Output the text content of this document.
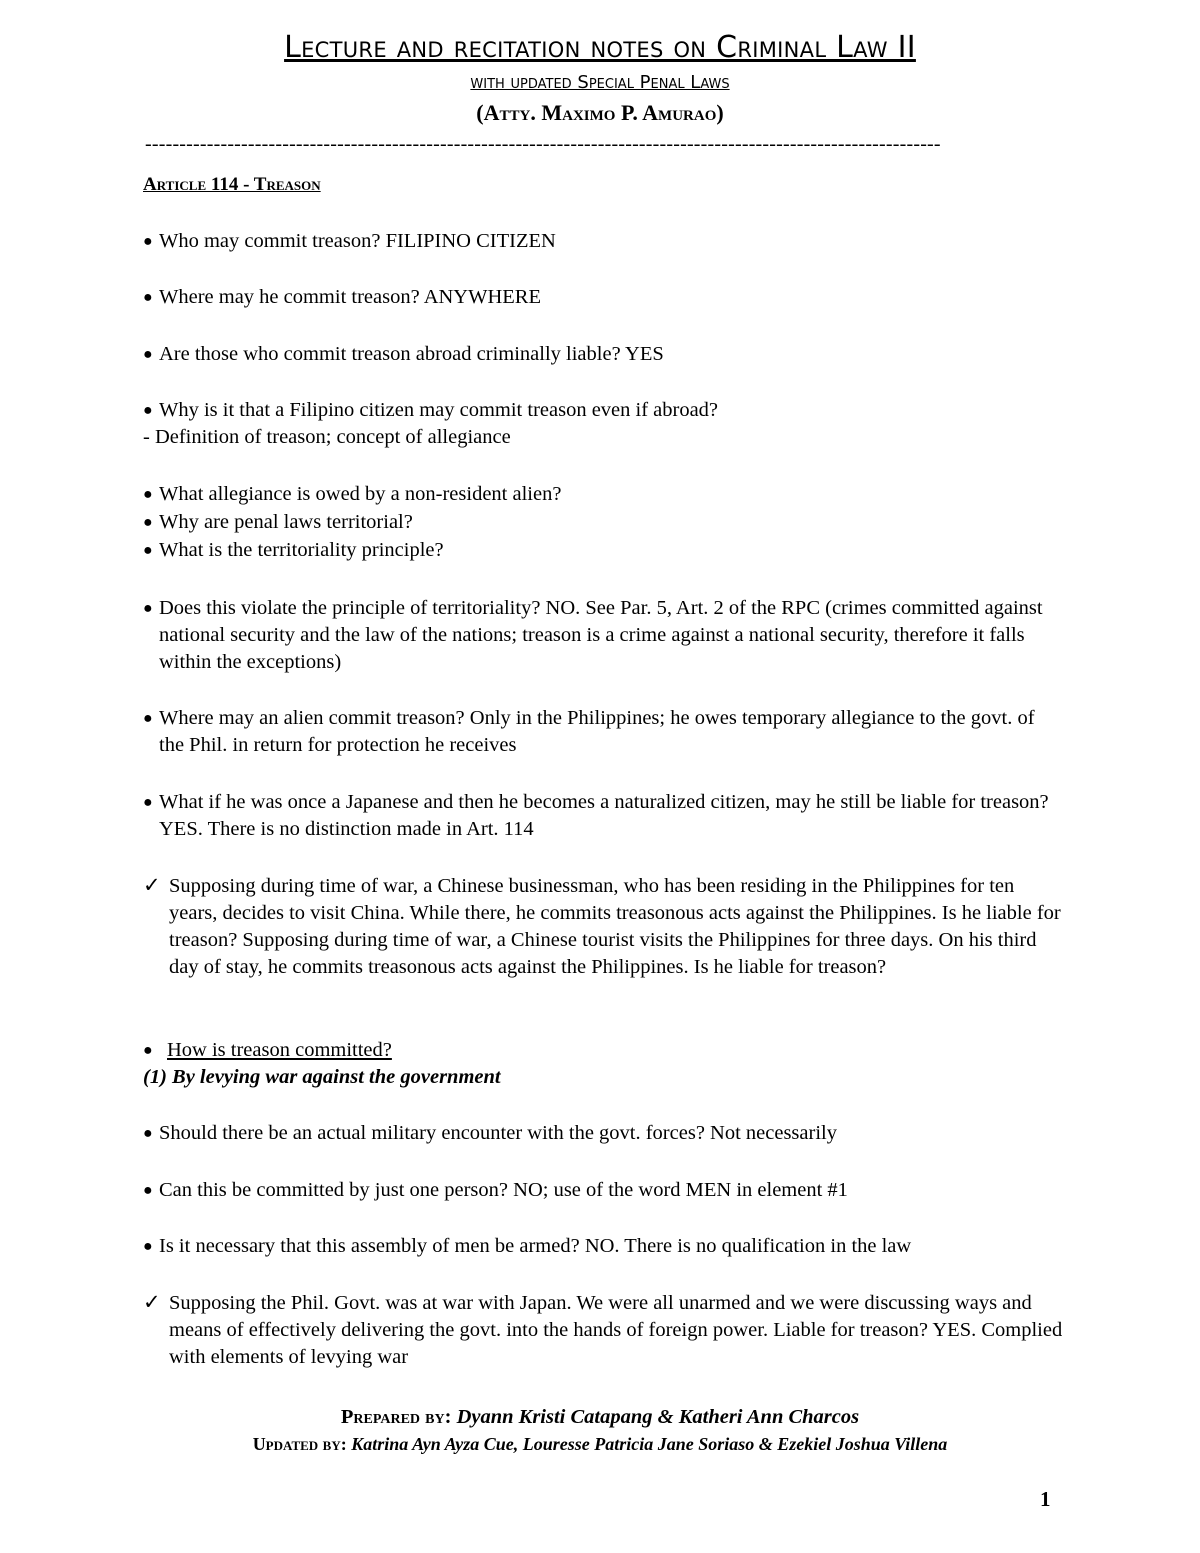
Lecture and recitation notes on Criminal Law II
with updated Special Penal Laws
(Atty. Maximo P. Amurao)
--------------------------------------------------------------------------------------------------------------------
Article 114 - Treason
● Who may commit treason? FILIPINO CITIZEN
● Where may he commit treason? ANYWHERE
● Are those who commit treason abroad criminally liable? YES
● Why is it that a Filipino citizen may commit treason even if abroad?
- Definition of treason; concept of allegiance
● What allegiance is owed by a non-resident alien?
● Why are penal laws territorial?
● What is the territoriality principle?
● Does this violate the principle of territoriality? NO. See Par. 5, Art. 2 of the RPC (crimes committed against national security and the law of the nations; treason is a crime against a national security, therefore it falls within the exceptions)
● Where may an alien commit treason? Only in the Philippines; he owes temporary allegiance to the govt. of the Phil. in return for protection he receives
● What if he was once a Japanese and then he becomes a naturalized citizen, may he still be liable for treason? YES. There is no distinction made in Art. 114
✓ Supposing during time of war, a Chinese businessman, who has been residing in the Philippines for ten years, decides to visit China. While there, he commits treasonous acts against the Philippines. Is he liable for treason? Supposing during time of war, a Chinese tourist visits the Philippines for three days. On his third day of stay, he commits treasonous acts against the Philippines. Is he liable for treason?
● How is treason committed?
(1) By levying war against the government
● Should there be an actual military encounter with the govt. forces? Not necessarily
● Can this be committed by just one person? NO; use of the word MEN in element #1
● Is it necessary that this assembly of men be armed? NO. There is no qualification in the law
✓ Supposing the Phil. Govt. was at war with Japan. We were all unarmed and we were discussing ways and means of effectively delivering the govt. into the hands of foreign power. Liable for treason? YES. Complied with elements of levying war
Prepared by: Dyann Kristi Catapang & Katheri Ann Charcos
Updated by: Katrina Ayn Ayza Cue, Louresse Patricia Jane Soriaso & Ezekiel Joshua Villena
1
